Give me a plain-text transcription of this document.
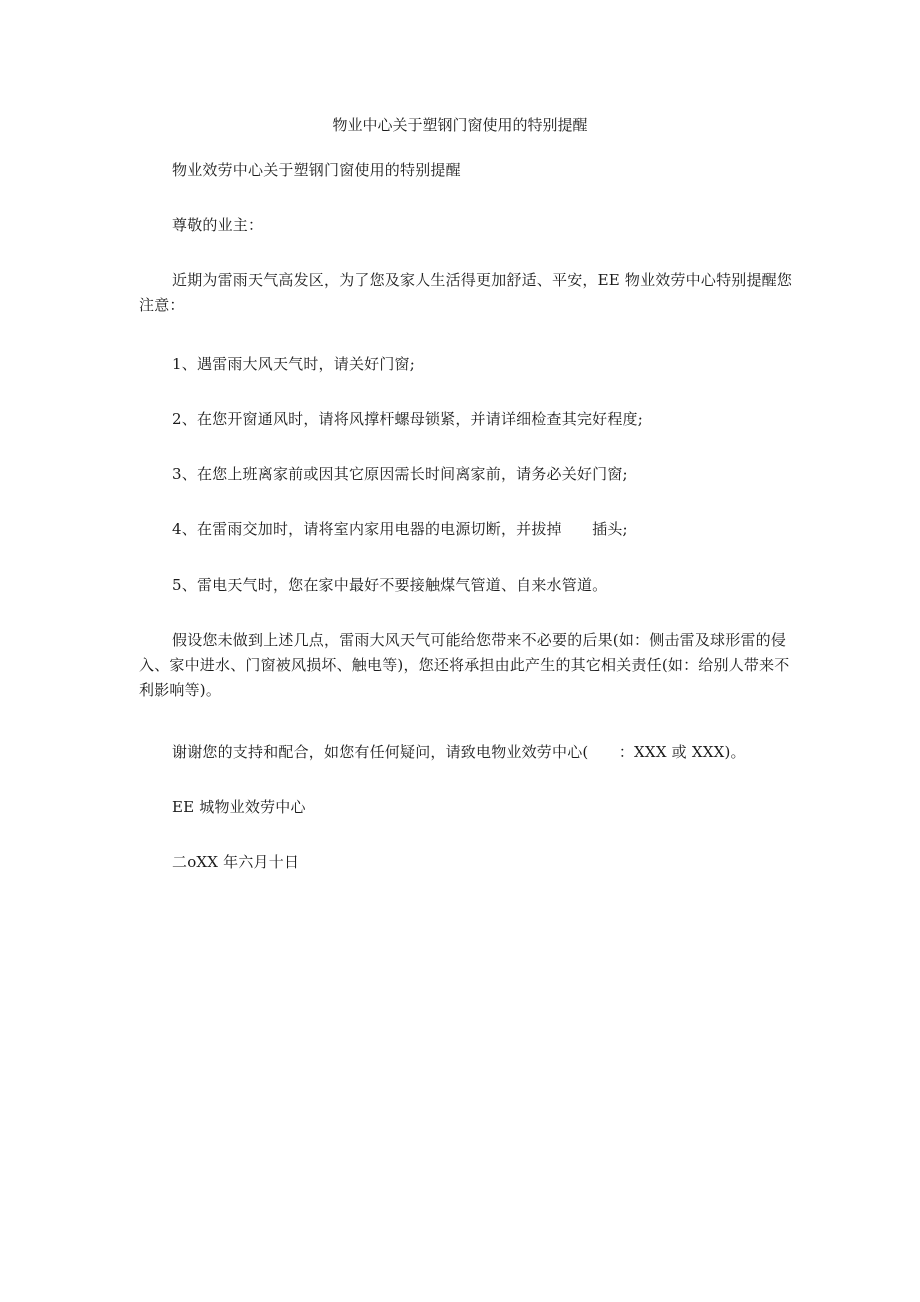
物业中心关于塑钢门窗使用的特别提醒

物业效劳中心关于塑钢门窗使用的特别提醒

尊敬的业主：

近期为雷雨天气高发区，为了您及家人生活得更加舒适、平安，EE 物业效劳中心特别提醒您注意：

1、遇雷雨大风天气时，请关好门窗;

2、在您开窗通风时，请将风撑杆螺母锁紧，并请详细检查其完好程度;

3、在您上班离家前或因其它原因需长时间离家前，请务必关好门窗;

4、在雷雨交加时，请将室内家用电器的电源切断，并拔掉　　插头;

5、雷电天气时，您在家中最好不要接触煤气管道、自来水管道。

假设您未做到上述几点，雷雨大风天气可能给您带来不必要的后果(如：侧击雷及球形雷的侵入、家中进水、门窗被风损坏、触电等)，您还将承担由此产生的其它相关责任(如：给别人带来不利影响等)。

谢谢您的支持和配合，如您有任何疑问，请致电物业效劳中心(　　：XXX 或 XXX)。

EE 城物业效劳中心

二oXX 年六月十日
